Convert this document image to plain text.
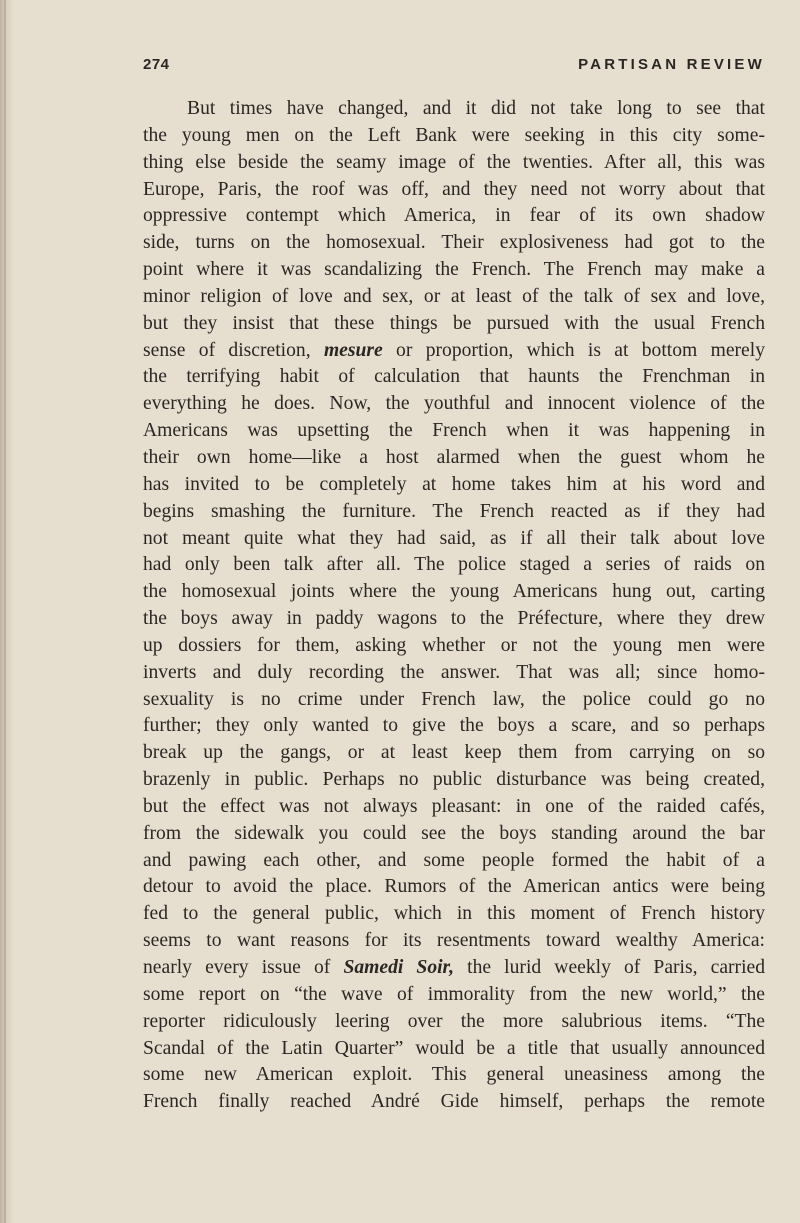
274	PARTISAN REVIEW
But times have changed, and it did not take long to see that
the young men on the Left Bank were seeking in this city some-
thing else beside the seamy image of the twenties. After all, this was
Europe, Paris, the roof was off, and they need not worry about that
oppressive contempt which America, in fear of its own shadow
side, turns on the homosexual. Their explosiveness had got to the
point where it was scandalizing the French. The French may make a
minor religion of love and sex, or at least of the talk of sex and love,
but they insist that these things be pursued with the usual French
sense of discretion, mesure or proportion, which is at bottom merely
the terrifying habit of calculation that haunts the Frenchman in
everything he does. Now, the youthful and innocent violence of the
Americans was upsetting the French when it was happening in
their own home—like a host alarmed when the guest whom he
has invited to be completely at home takes him at his word and
begins smashing the furniture. The French reacted as if they had
not meant quite what they had said, as if all their talk about love
had only been talk after all. The police staged a series of raids on
the homosexual joints where the young Americans hung out, carting
the boys away in paddy wagons to the Préfecture, where they drew
up dossiers for them, asking whether or not the young men were
inverts and duly recording the answer. That was all; since homo-
sexuality is no crime under French law, the police could go no
further; they only wanted to give the boys a scare, and so perhaps
break up the gangs, or at least keep them from carrying on so
brazenly in public. Perhaps no public disturbance was being created,
but the effect was not always pleasant: in one of the raided cafés,
from the sidewalk you could see the boys standing around the bar
and pawing each other, and some people formed the habit of a
detour to avoid the place. Rumors of the American antics were being
fed to the general public, which in this moment of French history
seems to want reasons for its resentments toward wealthy America:
nearly every issue of Samedi Soir, the lurid weekly of Paris, carried
some report on “the wave of immorality from the new world,” the
reporter ridiculously leering over the more salubrious items. “The
Scandal of the Latin Quarter” would be a title that usually announced
some new American exploit. This general uneasiness among the
French finally reached André Gide himself, perhaps the remote
